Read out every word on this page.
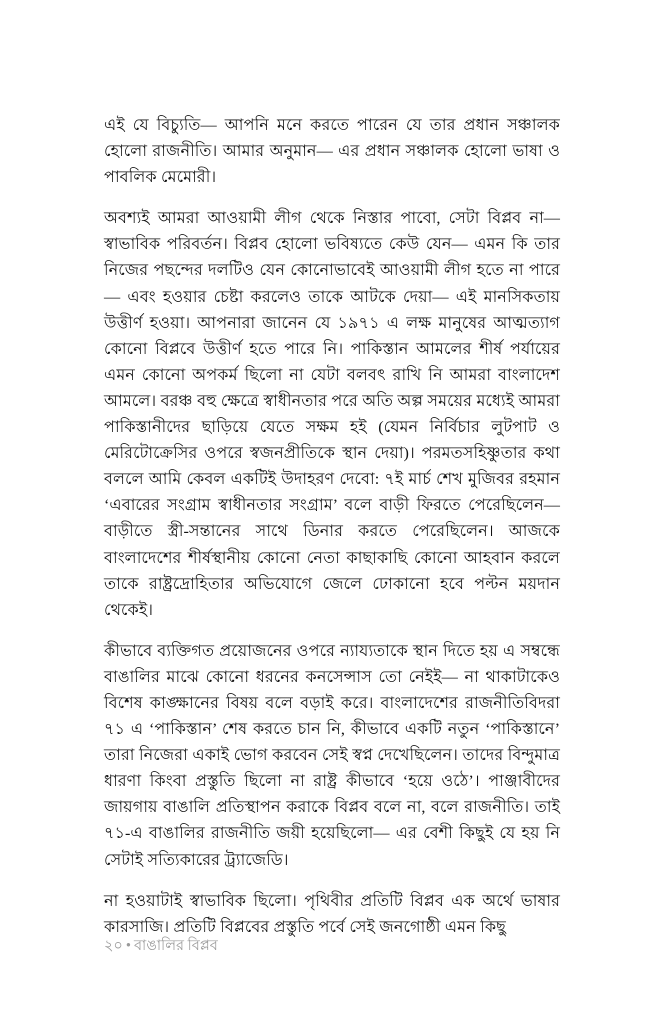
এই যে বিচ্যুতি— আপনি মনে করতে পারেন যে তার প্রধান সঞ্চালক হোলো রাজনীতি। আমার অনুমান— এর প্রধান সঞ্চালক হোলো ভাষা ও পাবলিক মেমোরী।

অবশ্যই আমরা আওয়ামী লীগ থেকে নিস্তার পাবো, সেটা বিপ্লব না— স্বাভাবিক পরিবর্তন। বিপ্লব হোলো ভবিষ্যতে কেউ যেন— এমন কি তার নিজের পছন্দের দলটিও যেন কোনোভাবেই আওয়ামী লীগ হতে না পারে— এবং হওয়ার চেষ্টা করলেও তাকে আটকে দেয়া— এই মানসিকতায় উত্তীর্ণ হওয়া। আপনারা জানেন যে ১৯৭১ এ লক্ষ মানুষের আত্মত্যাগ কোনো বিপ্লবে উত্তীর্ণ হতে পারে নি। পাকিস্তান আমলের শীর্ষ পর্যায়ের এমন কোনো অপকর্ম ছিলো না যেটা বলবৎ রাখি নি আমরা বাংলাদেশ আমলে। বরঞ্চ বহু ক্ষেত্রে স্বাধীনতার পরে অতি অল্প সময়ের মধ্যেই আমরা পাকিস্তানীদের ছাড়িয়ে যেতে সক্ষম হই (যেমন নির্বিচার লুটপাট ও মেরিটোক্রেসির ওপরে স্বজনপ্রীতিকে স্থান দেয়া)। পরমতসহিষ্ণুতার কথা বললে আমি কেবল একটিই উদাহরণ দেবো: ৭ই মার্চ শেখ মুজিবর রহমান ‘এবারের সংগ্রাম স্বাধীনতার সংগ্রাম’ বলে বাড়ী ফিরতে পেরেছিলেন— বাড়ীতে স্ত্রী-সন্তানের সাথে ডিনার করতে পেরেছিলেন। আজকে বাংলাদেশের শীর্ষস্থানীয় কোনো নেতা কাছাকাছি কোনো আহবান করলে তাকে রাষ্ট্রদ্রোহিতার অভিযোগে জেলে ঢোকানো হবে পল্টন ময়দান থেকেই।

কীভাবে ব্যক্তিগত প্রয়োজনের ওপরে ন্যায্যতাকে স্থান দিতে হয় এ সম্বন্ধে বাঙালির মাঝে কোনো ধরনের কনসেন্সাস তো নেইই— না থাকাটাকেও বিশেষ কাঙ্ক্ষানের বিষয় বলে বড়াই করে। বাংলাদেশের রাজনীতিবিদরা ৭১ এ ‘পাকিস্তান’ শেষ করতে চান নি, কীভাবে একটি নতুন ‘পাকিস্তানে’ তারা নিজেরা একাই ভোগ করবেন সেই স্বপ্ন দেখেছিলেন। তাদের বিন্দুমাত্র ধারণা কিংবা প্রস্তুতি ছিলো না রাষ্ট্র কীভাবে ‘হয়ে ওঠে’। পাঞ্জাবীদের জায়গায় বাঙালি প্রতিস্থাপন করাকে বিপ্লব বলে না, বলে রাজনীতি। তাই ৭১-এ বাঙালির রাজনীতি জয়ী হয়েছিলো— এর বেশী কিছুই যে হয় নি সেটাই সত্যিকারের ট্র্যাজেডি।

না হওয়াটাই স্বাভাবিক ছিলো। পৃথিবীর প্রতিটি বিপ্লব এক অর্থে ভাষার কারসাজি। প্রতিটি বিপ্লবের প্রস্তুতি পর্বে সেই জনগোষ্ঠী এমন কিছু

২০ • বাঙালির বিপ্লব
